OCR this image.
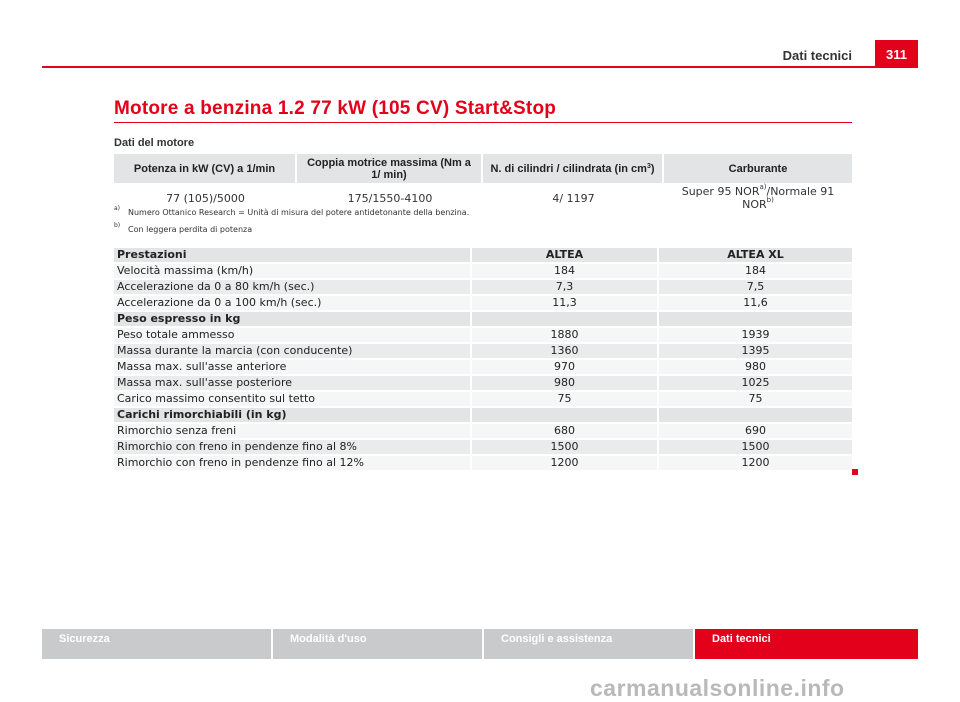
Dati tecnici	311
Motore a benzina 1.2 77 kW (105 CV) Start&Stop
Dati del motore
Potenza in kW (CV) a 1/min	Coppia motrice massima (Nm a 1/ min)	N. di cilindri / cilindrata (in $cm^3$)	Carburante
77 (105)/5000	175/1550-4100	4/ 1197	Super 95 NOR$^{a)}$/Normale 91 NOR$^{b)}$
a) Numero Ottanico Research = Unità di misura del potere antidetonante della benzina.
b) Con leggera perdita di potenza
Prestazioni	ALTEA	ALTEA XL
Velocità massima (km/h)	184	184
Accelerazione da 0 a 80 km/h (sec.)	7,3	7,5
Accelerazione da 0 a 100 km/h (sec.)	11,3	11,6
Peso espresso in kg		
Peso totale ammesso	1880	1939
Massa durante la marcia (con conducente)	1360	1395
Massa max. sull'asse anteriore	970	980
Massa max. sull'asse posteriore	980	1025
Carico massimo consentito sul tetto	75	75
Carichi rimorchiabili (in kg)		
Rimorchio senza freni	680	690
Rimorchio con freno in pendenze fino al 8%	1500	1500
Rimorchio con freno in pendenze fino al 12%	1200	1200
Sicurezza	Modalità d'uso	Consigli e assistenza	Dati tecnici
carmanualsonline.info
